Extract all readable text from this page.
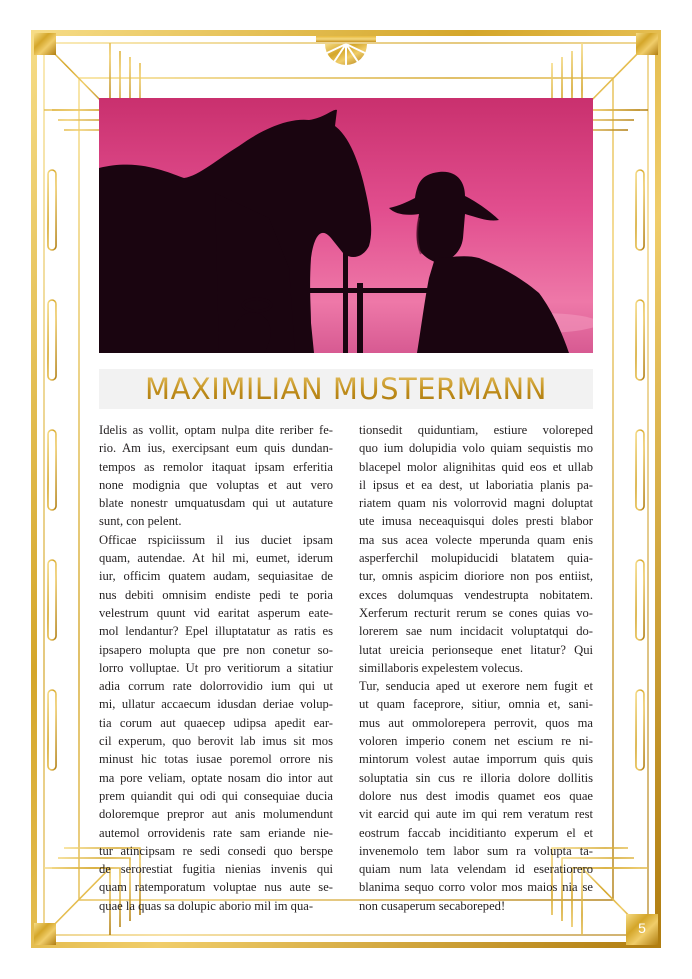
MAXIMILIAN MUSTERMANN

Idelis as vollit, optam nulpa dite reriber fe-
rio. Am ius, exercipsant eum quis dundan-
tempos as remolor itaquat ipsam erferitia
none modignia que voluptas et aut vero
blate nonestr umquatusdam qui ut autature
sunt, con pelent.

Officae rspiciissum il ius duciet ipsam
quam, autendae. At hil mi, eumet, iderum
iur, officim quatem audam, sequiasitae de
nus debiti omnisim endiste pedi te poria
velestrum quunt vid earitat asperum eate-
mol lendantur? Epel illuptatatur as ratis es
ipsapero molupta que pre non conetur so-
lorro volluptae. Ut pro veritiorum a sitatiur
adia corrum rate dolorrovidio ium qui ut
mi, ullatur accaecum idusdan deriae volup-
tia corum aut quaecep udipsa apedit ear-
cil experum, quo berovit lab imus sit mos
minust hic totas iusae poremol orrore nis
ma pore veliam, optate nosam dio intor aut
prem quiandit qui odi qui consequiae ducia
doloremque prepror aut anis molumendunt
autemol orrovidenis rate sam eriande nie-
tur atincipsam re sedi consedi quo berspe
de serorestiat fugitia nienias invenis qui
quam ratemporatum voluptae nus aute se-
quae la quas sa dolupic aborio mil im qua-

tionsedit quiduntiam, estiure voloreped
quo ium dolupidia volo quiam sequistis mo
blacepel molor alignihitas quid eos et ullab
il ipsus et ea dest, ut laboriatia planis pa-
riatem quam nis volorrovid magni doluptat
ute imusa neceaquisqui doles presti blabor
ma sus acea volecte mperunda quam enis
asperferchil molupiducidi blatatem quia-
tur, omnis aspicim dioriore non pos entiist,
exces dolumquas vendestrupta nobitatem.
Xerferum recturit rerum se cones quias vo-
lorerem sae num incidacit voluptatqui do-
lutat ureicia perionseque enet litatur? Qui
simillaboris expelestem volecus.

Tur, senducia aped ut exerore nem fugit et
ut quam faceprore, sitiur, omnia et, sani-
mus aut ommolorepera perrovit, quos ma
voloren imperio conem net escium re ni-
mintorum volest autae imporrum quis quis
soluptatia sin cus re illoria dolore dollitis
dolore nus dest imodis quamet eos quae
vit earcid qui aute im qui rem veratum rest
eostrum faccab inciditianto experum el et
invenemolo tem labor sum ra volupta ta-
quiam num lata velendam id eseratiorero
blanima sequo corro volor mos maios nia se
non cusaperum secaboreped!

5
